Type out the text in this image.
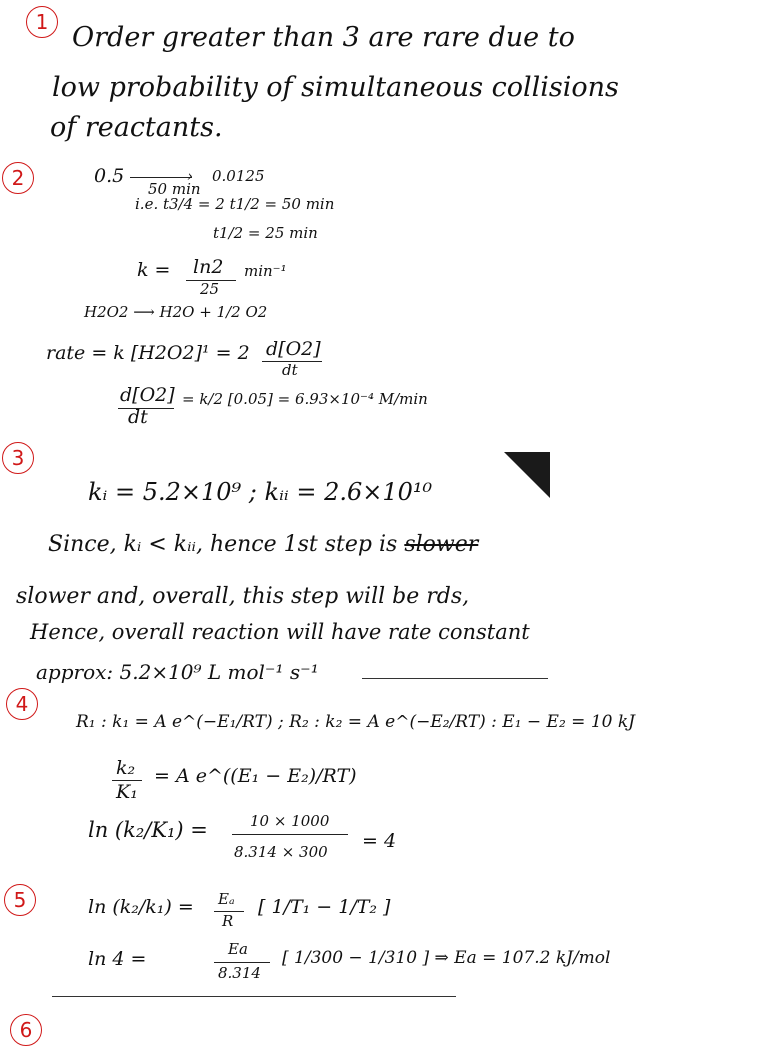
1 Order greater than 3 are rare due to
low probability of simultaneous collisions
of reactants.
2	0.5	›
50 min
0.0125
i.e. t3/4 = 2 t1/2 = 50 min
t1/2 = 25 min
k = ln2
25
min⁻¹
H2O2 ⟶ H2O + 1/2 O2
rate = k [H2O2]¹ = 2 d[O2]
dt
d[O2]
dt
= k/2 [0.05] = 6.93×10⁻⁴ M/min
3
kᵢ = 5.2×10⁹ ; kᵢᵢ = 2.6×10¹⁰
Since, kᵢ < kᵢᵢ, hence 1st step is slower
slower and, overall, this step will be rds,
Hence, overall reaction will have rate constant
approx: 5.2×10⁹ L mol⁻¹ s⁻¹
4
R₁ : k₁ = A e^(−E₁/RT) ; R₂ : k₂ = A e^(−E₂/RT) : E₁ − E₂ = 10 kJ
k₂
K₁
= A e^((E₁ − E₂)/RT)
ln (k₂/K₁) =	10 × 1000
8.314 × 300 = 4
5	ln (k₂/k₁) = Eₐ
R
[ 1/T₁ − 1/T₂ ]
ln 4 =	Ea
8.314
[ 1/300 − 1/310 ] ⇒ Ea = 107.2 kJ/mol
6
